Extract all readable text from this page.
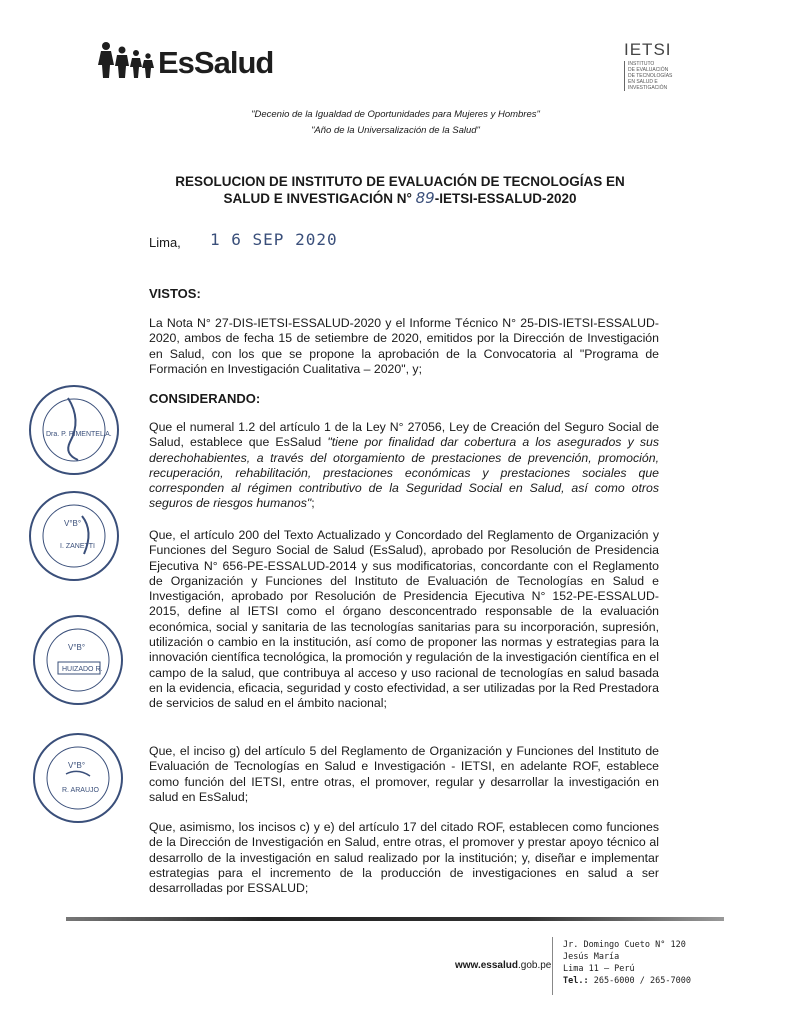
EsSalud	IETSI
INSTITUTO
DE EVALUACIÓN
DE TECNOLOGÍAS
EN SALUD E
INVESTIGACIÓN
"Decenio de la Igualdad de Oportunidades para Mujeres y Hombres"
"Año de la Universalización de la Salud"
RESOLUCION DE INSTITUTO DE EVALUACIÓN DE TECNOLOGÍAS EN
SALUD E INVESTIGACIÓN N° 89-IETSI-ESSALUD-2020
Lima, 1 6 SEP 2020
VISTOS:
La Nota N° 27-DIS-IETSI-ESSALUD-2020 y el Informe Técnico N° 25-DIS-IETSI-ESSALUD-2020, ambos de fecha 15 de setiembre de 2020, emitidos por la Dirección de Investigación en Salud, con los que se propone la aprobación de la Convocatoria al "Programa de Formación en Investigación Cualitativa – 2020", y;
CONSIDERANDO:
Que el numeral 1.2 del artículo 1 de la Ley N° 27056, Ley de Creación del Seguro Social de Salud, establece que EsSalud "tiene por finalidad dar cobertura a los asegurados y sus derechohabientes, a través del otorgamiento de prestaciones de prevención, promoción, recuperación, rehabilitación, prestaciones económicas y prestaciones sociales que corresponden al régimen contributivo de la Seguridad Social en Salud, así como otros seguros de riesgos humanos";
Que, el artículo 200 del Texto Actualizado y Concordado del Reglamento de Organización y Funciones del Seguro Social de Salud (EsSalud), aprobado por Resolución de Presidencia Ejecutiva N° 656-PE-ESSALUD-2014 y sus modificatorias, concordante con el Reglamento de Organización y Funciones del Instituto de Evaluación de Tecnologías en Salud e Investigación, aprobado por Resolución de Presidencia Ejecutiva N° 152-PE-ESSALUD-2015, define al IETSI como el órgano desconcentrado responsable de la evaluación económica, social y sanitaria de las tecnologías sanitarias para su incorporación, supresión, utilización o cambio en la institución, así como de proponer las normas y estrategias para la innovación científica tecnológica, la promoción y regulación de la investigación científica en el campo de la salud, que contribuya al acceso y uso racional de tecnologías en salud basada en la evidencia, eficacia, seguridad y costo efectividad, a ser utilizadas por la Red Prestadora de servicios de salud en el ámbito nacional;
Que, el inciso g) del artículo 5 del Reglamento de Organización y Funciones del Instituto de Evaluación de Tecnologías en Salud e Investigación - IETSI, en adelante ROF, establece como función del IETSI, entre otras, el promover, regular y desarrollar la investigación en salud en EsSalud;
Que, asimismo, los incisos c) y e) del artículo 17 del citado ROF, establecen como funciones de la Dirección de Investigación en Salud, entre otras, el promover y prestar apoyo técnico al desarrollo de la investigación en salud realizado por la institución; y, diseñar e implementar estrategias para el incremento de la producción de investigaciones en salud a ser desarrolladas por ESSALUD;
Dra. P. PIMENTEL A.
V°B°
I. ZANETTI
V°B°
HUIZADO R.
V°B°
R. ARAUJO
www.essalud.gob.pe
Jr. Domingo Cueto N° 120
Jesús María
Lima 11 – Perú
Tel.: 265-6000 / 265-7000
